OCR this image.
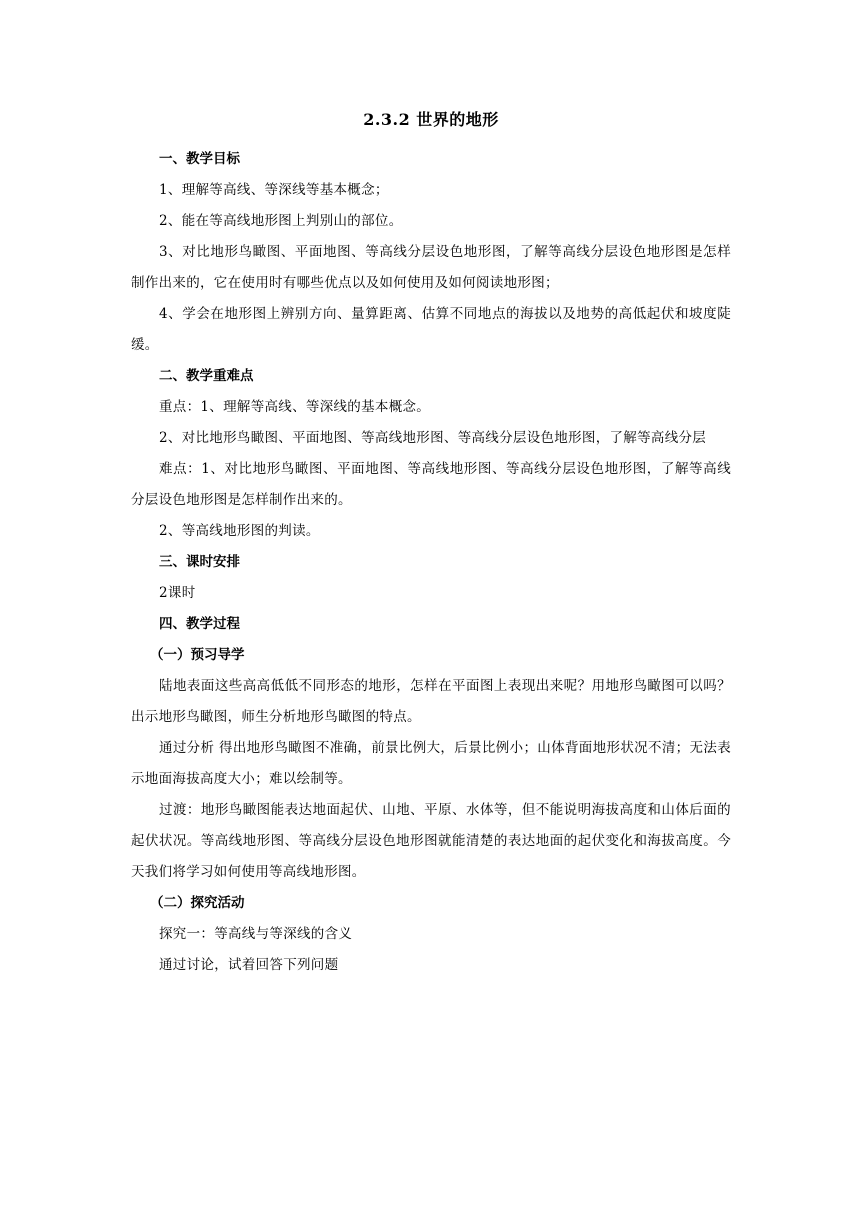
2.3.2 世界的地形

一、教学目标

1、理解等高线、等深线等基本概念；

2、能在等高线地形图上判别山的部位。

3、对比地形鸟瞰图、平面地图、等高线分层设色地形图，了解等高线分层设色地形图是怎样制作出来的，它在使用时有哪些优点以及如何使用及如何阅读地形图；

4、学会在地形图上辨别方向、量算距离、估算不同地点的海拔以及地势的高低起伏和坡度陡缓。

二、教学重难点

重点：1、理解等高线、等深线的基本概念。

2、对比地形鸟瞰图、平面地图、等高线地形图、等高线分层设色地形图，了解等高线分层

难点：1、对比地形鸟瞰图、平面地图、等高线地形图、等高线分层设色地形图，了解等高线分层设色地形图是怎样制作出来的。

2、等高线地形图的判读。

三、课时安排

2课时

四、教学过程

（一）预习导学

陆地表面这些高高低低不同形态的地形，怎样在平面图上表现出来呢？用地形鸟瞰图可以吗？出示地形鸟瞰图，师生分析地形鸟瞰图的特点。

通过分析 得出地形鸟瞰图不准确，前景比例大，后景比例小；山体背面地形状况不清；无法表示地面海拔高度大小；难以绘制等。

过渡：地形鸟瞰图能表达地面起伏、山地、平原、水体等，但不能说明海拔高度和山体后面的起伏状况。等高线地形图、等高线分层设色地形图就能清楚的表达地面的起伏变化和海拔高度。今天我们将学习如何使用等高线地形图。

（二）探究活动

探究一：等高线与等深线的含义

通过讨论，试着回答下列问题
